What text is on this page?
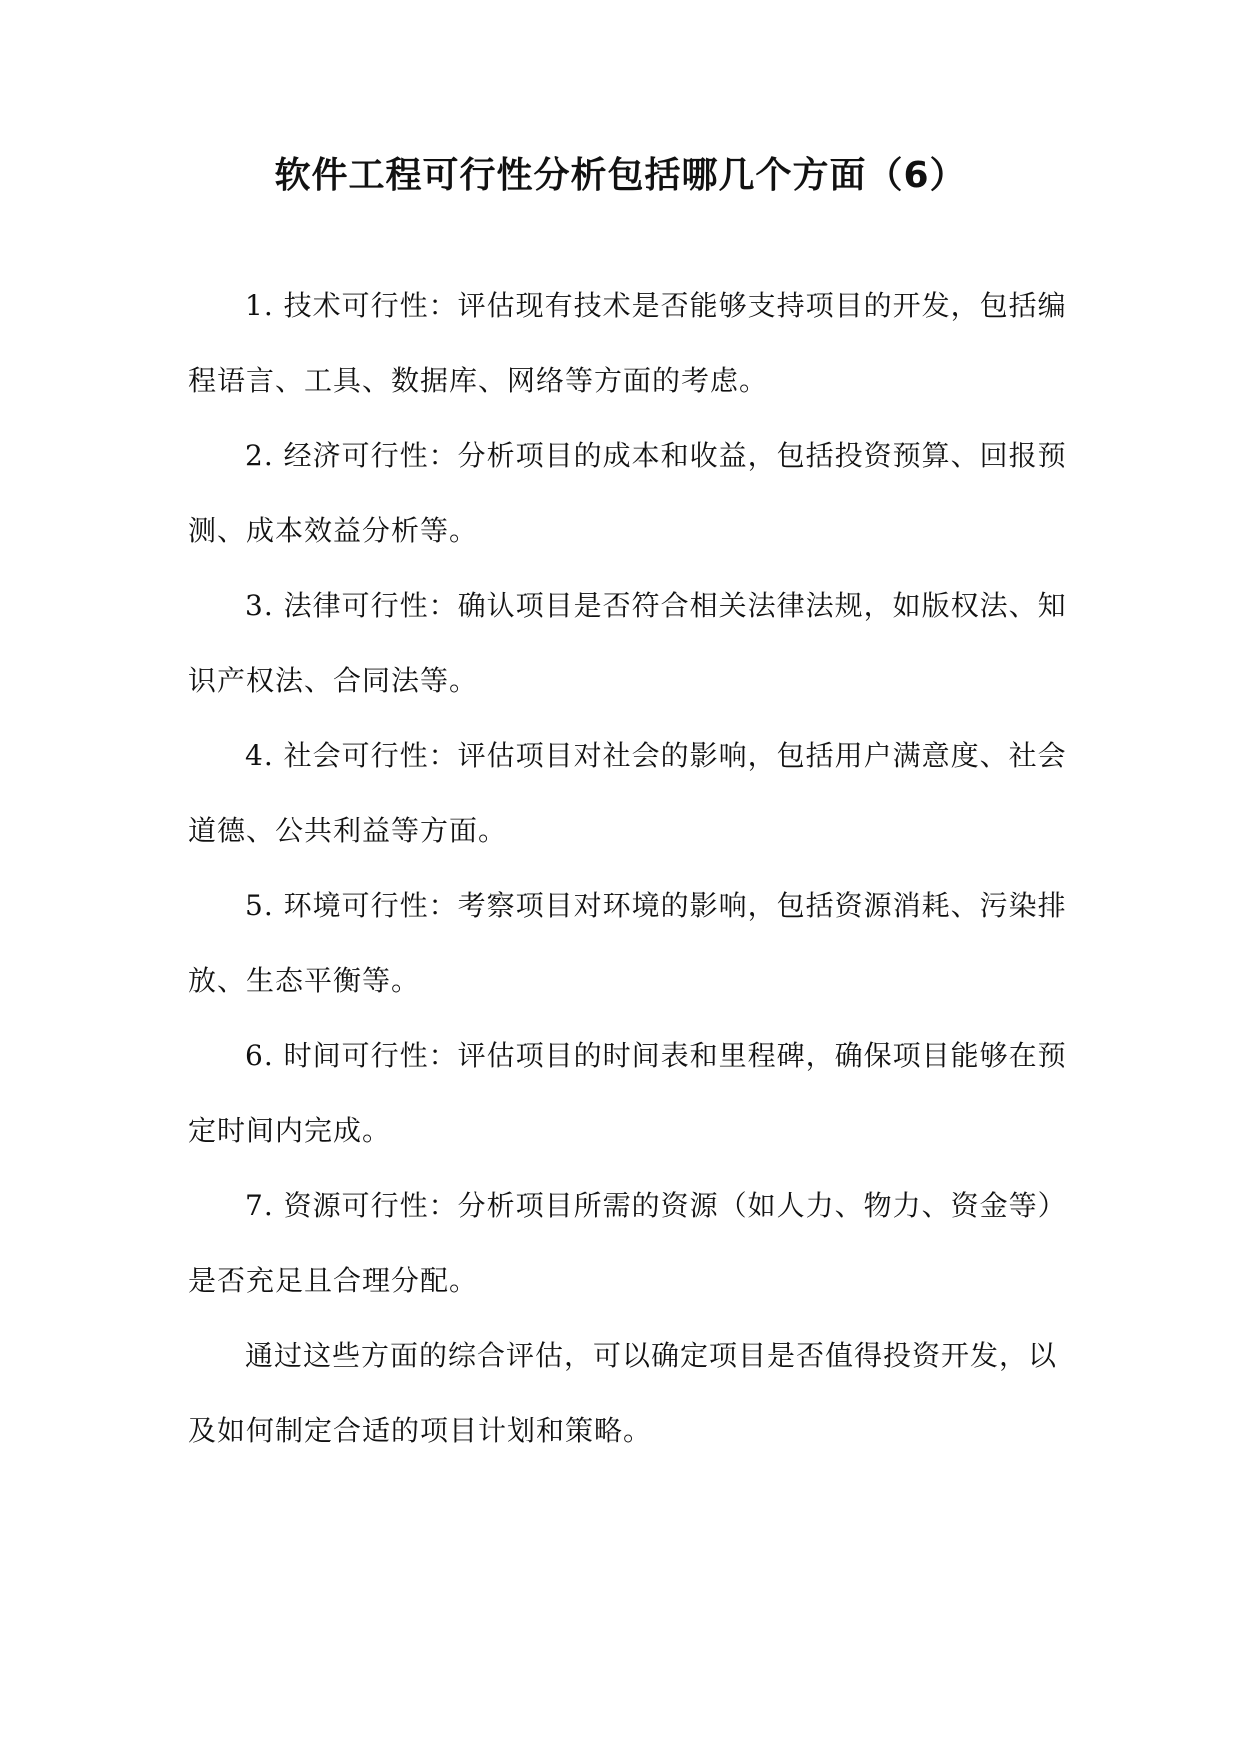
软件工程可行性分析包括哪几个方面（6）

1. 技术可行性：评估现有技术是否能够支持项目的开发，包括编程语言、工具、数据库、网络等方面的考虑。

2. 经济可行性：分析项目的成本和收益，包括投资预算、回报预测、成本效益分析等。

3. 法律可行性：确认项目是否符合相关法律法规，如版权法、知识产权法、合同法等。

4. 社会可行性：评估项目对社会的影响，包括用户满意度、社会道德、公共利益等方面。

5. 环境可行性：考察项目对环境的影响，包括资源消耗、污染排放、生态平衡等。

6. 时间可行性：评估项目的时间表和里程碑，确保项目能够在预定时间内完成。

7. 资源可行性：分析项目所需的资源（如人力、物力、资金等）是否充足且合理分配。

通过这些方面的综合评估，可以确定项目是否值得投资开发，以及如何制定合适的项目计划和策略。
